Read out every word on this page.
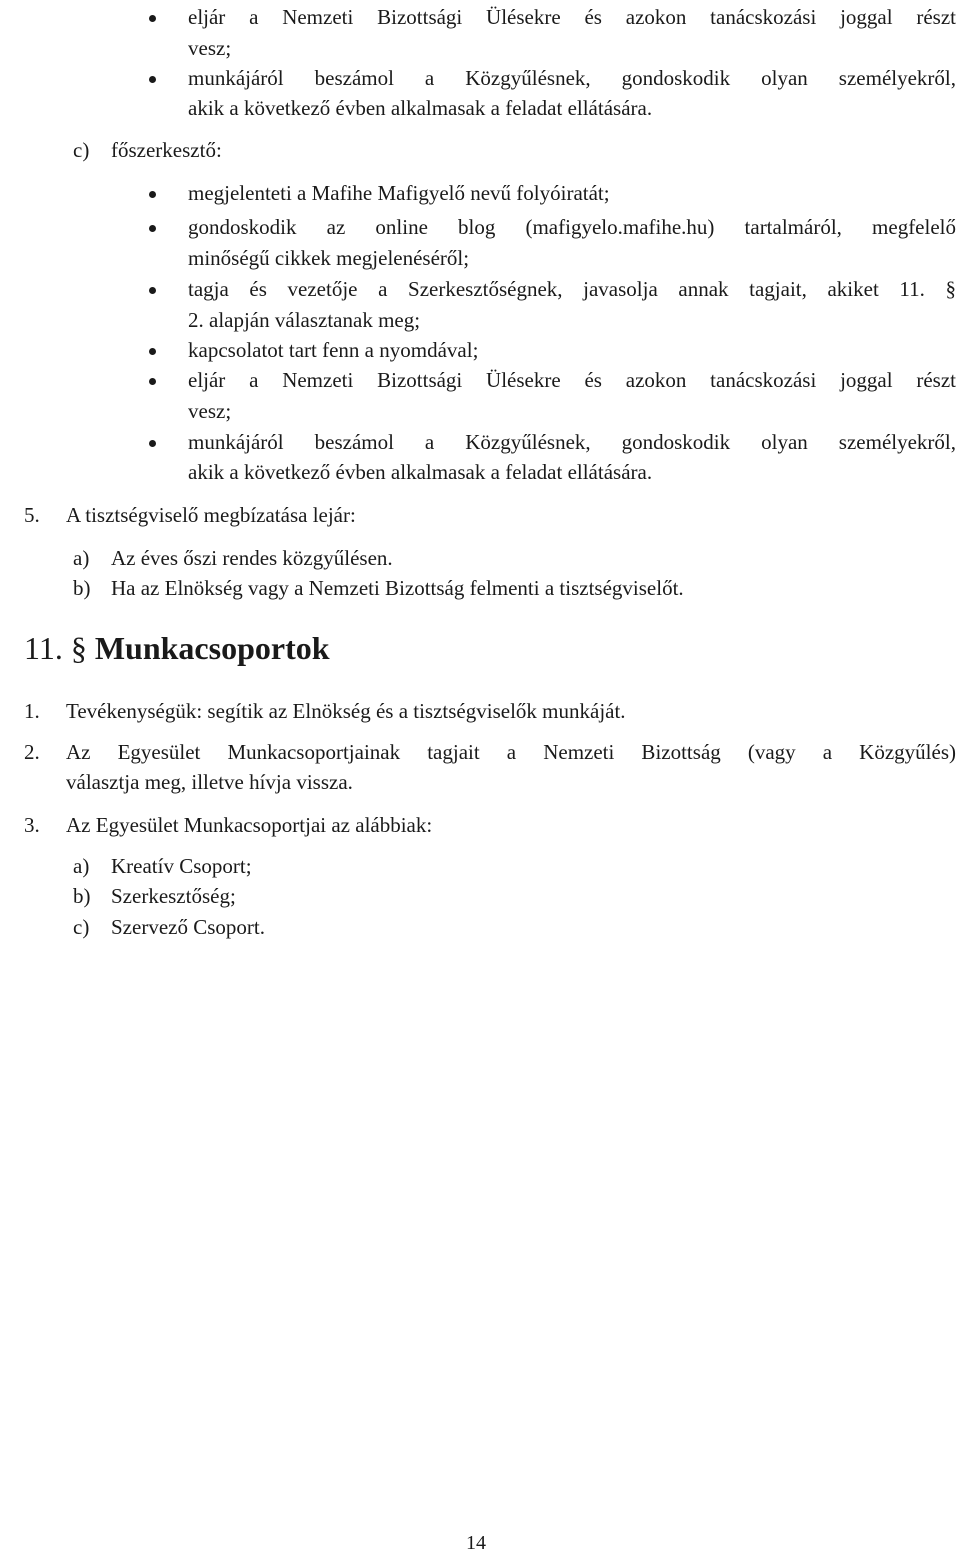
eljár a Nemzeti Bizottsági Ülésekre és azokon tanácskozási joggal részt
vesz;
munkájáról beszámol a Közgyűlésnek, gondoskodik olyan személyekről,
akik a következő évben alkalmasak a feladat ellátására.
c) főszerkesztő:
megjelenteti a Mafihe Mafigyelő nevű folyóiratát;
gondoskodik az online blog (mafigyelo.mafihe.hu) tartalmáról, megfelelő
minőségű cikkek megjelenéséről;
tagja és vezetője a Szerkesztőségnek, javasolja annak tagjait, akiket 11. §
2. alapján választanak meg;
kapcsolatot tart fenn a nyomdával;
eljár a Nemzeti Bizottsági Ülésekre és azokon tanácskozási joggal részt
vesz;
munkájáról beszámol a Közgyűlésnek, gondoskodik olyan személyekről,
akik a következő évben alkalmasak a feladat ellátására.
5. A tisztségviselő megbízatása lejár:
a) Az éves őszi rendes közgyűlésen.
b) Ha az Elnökség vagy a Nemzeti Bizottság felmenti a tisztségviselőt.
11. § Munkacsoportok
1. Tevékenységük: segítik az Elnökség és a tisztségviselők munkáját.
2. Az Egyesület Munkacsoportjainak tagjait a Nemzeti Bizottság (vagy a Közgyűlés)
választja meg, illetve hívja vissza.
3. Az Egyesület Munkacsoportjai az alábbiak:
a) Kreatív Csoport;
b) Szerkesztőség;
c) Szervező Csoport.
14
